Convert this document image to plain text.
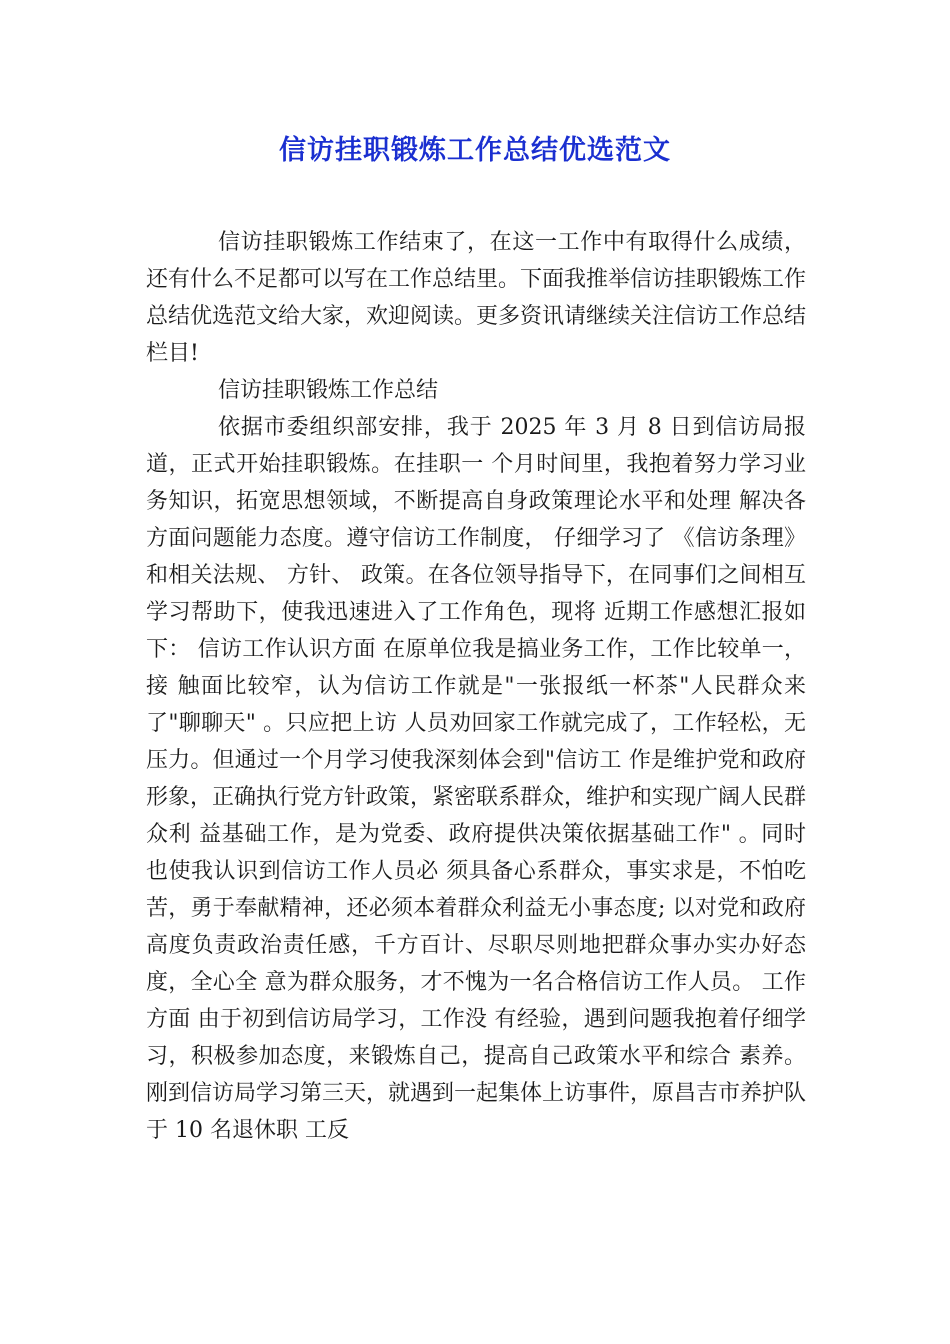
信访挂职锻炼工作总结优选范文

信访挂职锻炼工作结束了，在这一工作中有取得什么成绩，还有什么不足都可以写在工作总结里。下面我推举信访挂职锻炼工作总结优选范文给大家，欢迎阅读。更多资讯请继续关注信访工作总结栏目!

信访挂职锻炼工作总结

依据市委组织部安排，我于 2025 年 3 月 8 日到信访局报道，正式开始挂职锻炼。在挂职一 个月时间里，我抱着努力学习业务知识，拓宽思想领域，不断提高自身政策理论水平和处理 解决各方面问题能力态度。遵守信访工作制度， 仔细学习了 《信访条理》和相关法规、 方针、 政策。在各位领导指导下，在同事们之间相互学习帮助下，使我迅速进入了工作角色，现将 近期工作感想汇报如下： 信访工作认识方面 在原单位我是搞业务工作，工作比较单一，接 触面比较窄，认为信访工作就是"一张报纸一杯茶"人民群众来了"聊聊天" 。只应把上访 人员劝回家工作就完成了，工作轻松，无压力。但通过一个月学习使我深刻体会到"信访工 作是维护党和政府形象，正确执行党方针政策，紧密联系群众，维护和实现广阔人民群众利 益基础工作，是为党委、政府提供决策依据基础工作" 。同时也使我认识到信访工作人员必 须具备心系群众，事实求是，不怕吃苦，勇于奉献精神，还必须本着群众利益无小事态度; 以对党和政府高度负责政治责任感，千方百计、尽职尽则地把群众事办实办好态度，全心全 意为群众服务，才不愧为一名合格信访工作人员。 工作方面 由于初到信访局学习，工作没 有经验，遇到问题我抱着仔细学习，积极参加态度，来锻炼自己，提高自己政策水平和综合 素养。 刚到信访局学习第三天，就遇到一起集体上访事件，原昌吉市养护队于 10 名退休职 工反
